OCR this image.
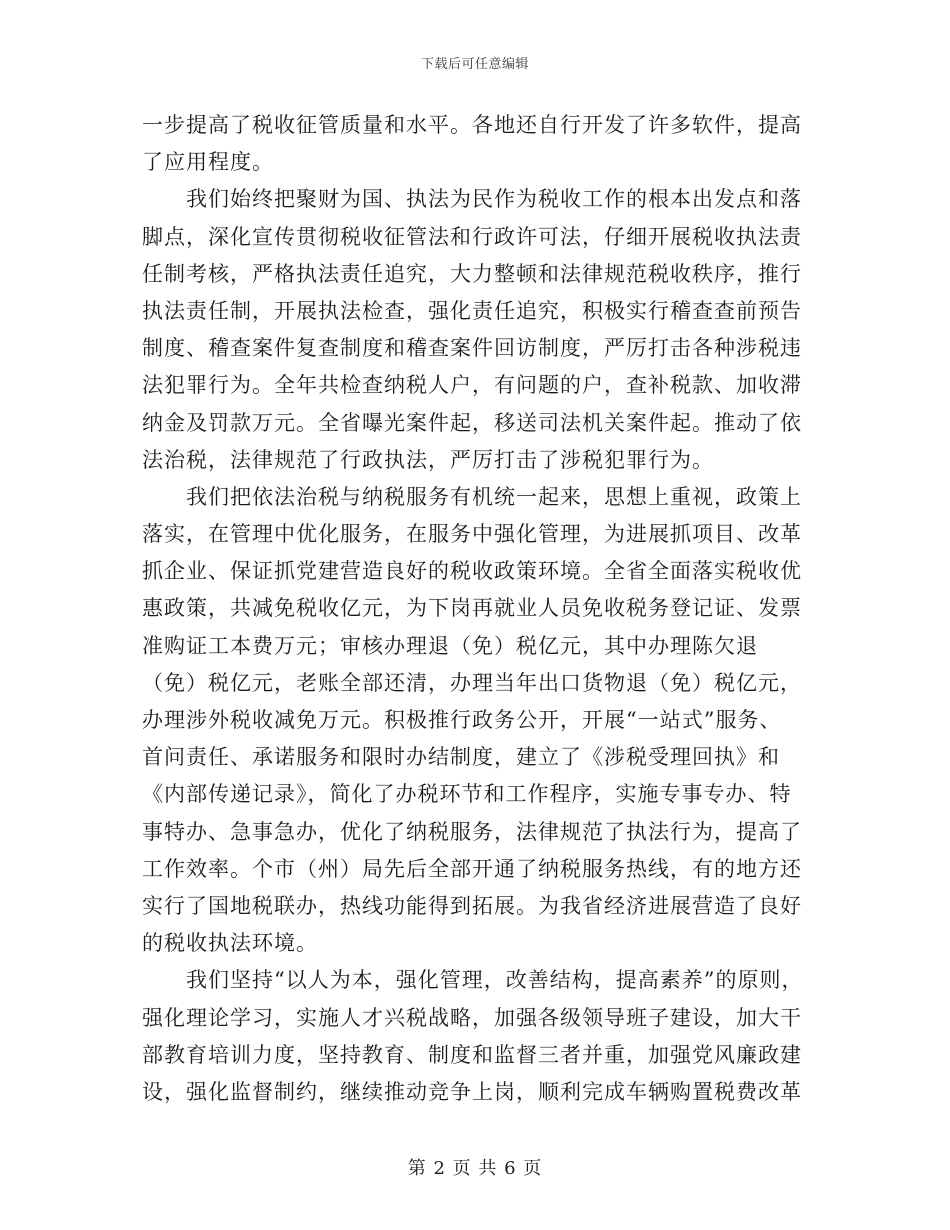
下载后可任意编辑
一步提高了税收征管质量和水平。各地还自行开发了许多软件，提高
了应用程度。
我们始终把聚财为国、执法为民作为税收工作的根本出发点和落
脚点，深化宣传贯彻税收征管法和行政许可法，仔细开展税收执法责
任制考核，严格执法责任追究，大力整顿和法律规范税收秩序，推行
执法责任制，开展执法检查，强化责任追究，积极实行稽查查前预告
制度、稽查案件复查制度和稽查案件回访制度，严厉打击各种涉税违
法犯罪行为。全年共检查纳税人户，有问题的户，查补税款、加收滞
纳金及罚款万元。全省曝光案件起，移送司法机关案件起。推动了依
法治税，法律规范了行政执法，严厉打击了涉税犯罪行为。
我们把依法治税与纳税服务有机统一起来，思想上重视，政策上
落实，在管理中优化服务，在服务中强化管理，为进展抓项目、改革
抓企业、保证抓党建营造良好的税收政策环境。全省全面落实税收优
惠政策，共减免税收亿元，为下岗再就业人员免收税务登记证、发票
准购证工本费万元；审核办理退（免）税亿元，其中办理陈欠退
（免）税亿元，老账全部还清，办理当年出口货物退（免）税亿元，
办理涉外税收减免万元。积极推行政务公开，开展“一站式”服务、
首问责任、承诺服务和限时办结制度，建立了《涉税受理回执》和
《内部传递记录》，简化了办税环节和工作程序，实施专事专办、特
事特办、急事急办，优化了纳税服务，法律规范了执法行为，提高了
工作效率。个市（州）局先后全部开通了纳税服务热线，有的地方还
实行了国地税联办，热线功能得到拓展。为我省经济进展营造了良好
的税收执法环境。
我们坚持“以人为本，强化管理，改善结构，提高素养”的原则，
强化理论学习，实施人才兴税战略，加强各级领导班子建设，加大干
部教育培训力度，坚持教育、制度和监督三者并重，加强党风廉政建
设，强化监督制约，继续推动竞争上岗，顺利完成车辆购置税费改革
第 2 页 共 6 页
